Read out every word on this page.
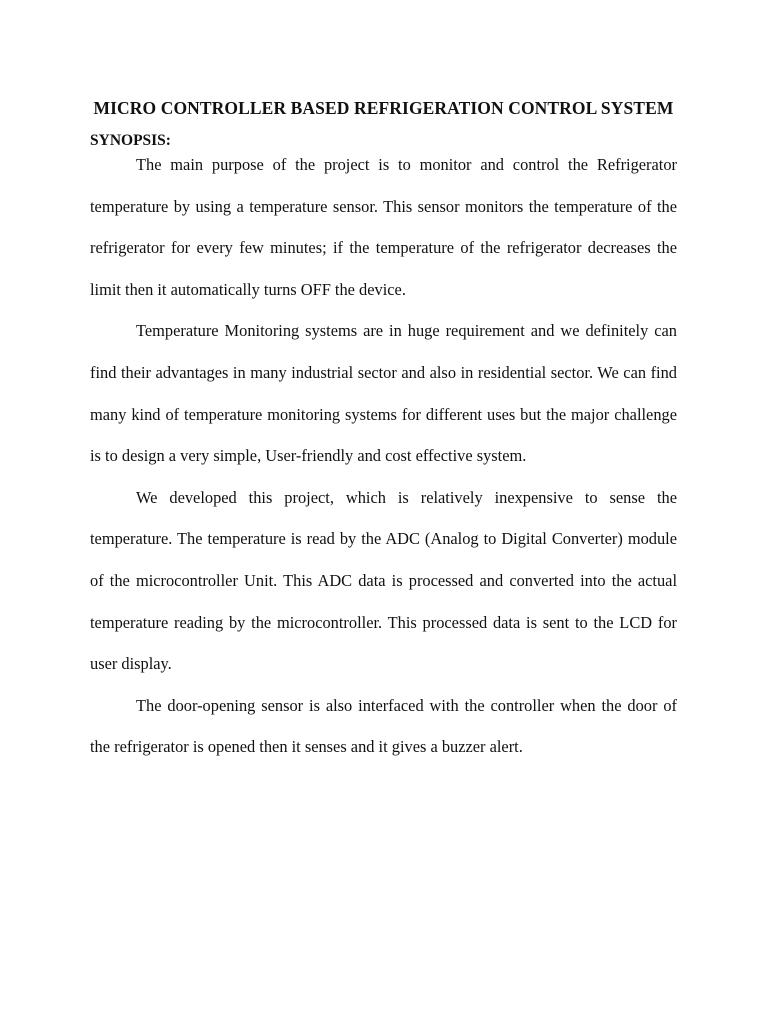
MICRO CONTROLLER BASED REFRIGERATION CONTROL SYSTEM
SYNOPSIS:

The main purpose of the project is to monitor and control the Refrigerator temperature by using a temperature sensor. This sensor monitors the temperature of the refrigerator for every few minutes; if the temperature of the refrigerator decreases the limit then it automatically turns OFF the device.

Temperature Monitoring systems are in huge requirement and we definitely can find their advantages in many industrial sector and also in residential sector. We can find many kind of temperature monitoring systems for different uses but the major challenge is to design a very simple, User-friendly and cost effective system.

We developed this project, which is relatively inexpensive to sense the temperature. The temperature is read by the ADC (Analog to Digital Converter) module of the microcontroller Unit. This ADC data is processed and converted into the actual temperature reading by the microcontroller. This processed data is sent to the LCD for user display.

The door-opening sensor is also interfaced with the controller when the door of the refrigerator is opened then it senses and it gives a buzzer alert.
